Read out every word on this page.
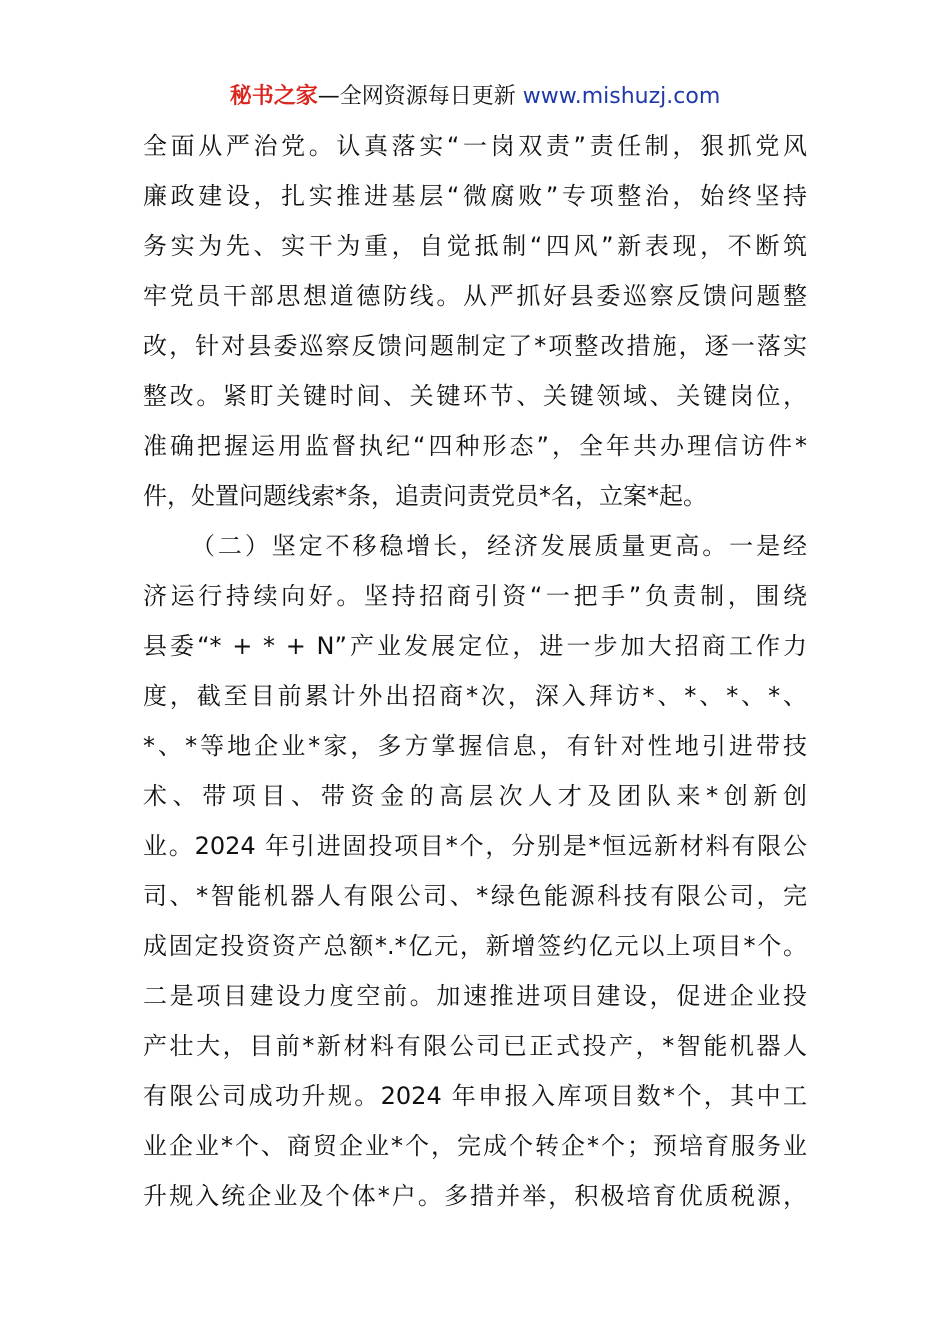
秘书之家—全网资源每日更新 www.mishuzj.com
全面从严治党。认真落实“一岗双责”责任制，狠抓党风
廉政建设，扎实推进基层“微腐败”专项整治，始终坚持
务实为先、实干为重，自觉抵制“四风”新表现，不断筑
牢党员干部思想道德防线。从严抓好县委巡察反馈问题整
改，针对县委巡察反馈问题制定了*项整改措施，逐一落实
整改。紧盯关键时间、关键环节、关键领域、关键岗位，
准确把握运用监督执纪“四种形态”，全年共办理信访件*
件，处置问题线索*条，追责问责党员*名，立案*起。
（二）坚定不移稳增长，经济发展质量更高。一是经
济运行持续向好。坚持招商引资“一把手”负责制，围绕
县委“* + * + N”产业发展定位，进一步加大招商工作力
度，截至目前累计外出招商*次，深入拜访*、*、*、*、
*、*等地企业*家，多方掌握信息，有针对性地引进带技
术、带项目、带资金的高层次人才及团队来*创新创
业。2024 年引进固投项目*个，分别是*恒远新材料有限公
司、*智能机器人有限公司、*绿色能源科技有限公司，完
成固定投资资产总额*.*亿元，新增签约亿元以上项目*个。
二是项目建设力度空前。加速推进项目建设，促进企业投
产壮大，目前*新材料有限公司已正式投产，*智能机器人
有限公司成功升规。2024 年申报入库项目数*个，其中工
业企业*个、商贸企业*个，完成个转企*个；预培育服务业
升规入统企业及个体*户。多措并举，积极培育优质税源，
